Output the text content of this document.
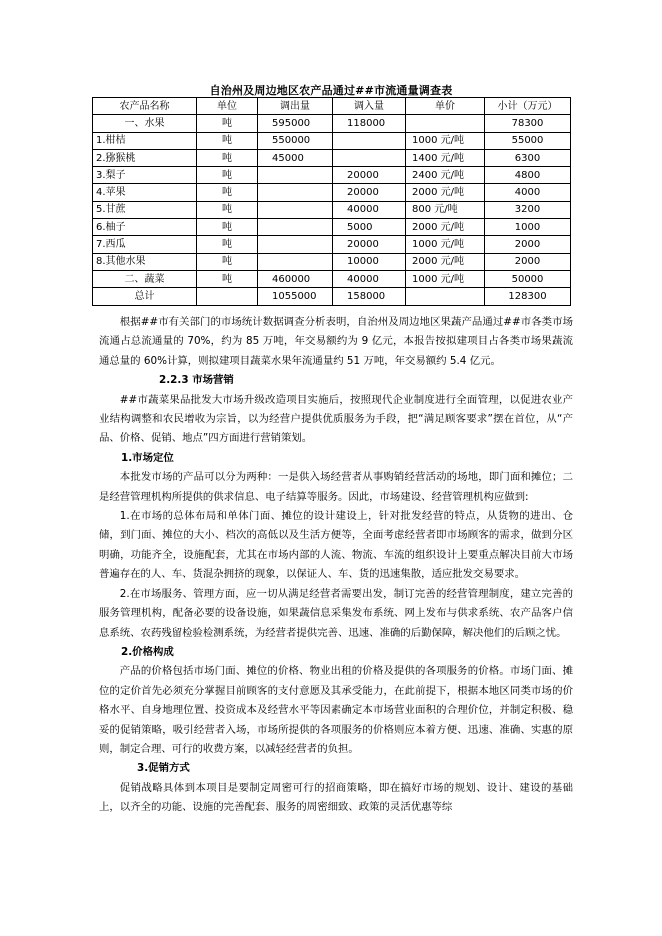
自治州及周边地区农产品通过##市流通量调查表
农产品名称	单位	调出量	调入量	单价	小计（万元）
一、水果	吨	595000	118000		78300
1.柑桔	吨	550000		1000 元/吨	55000
2.猕猴桃	吨	45000		1400 元/吨	6300
3.梨子	吨		20000	2400 元/吨	4800
4.苹果	吨		20000	2000 元/吨	4000
5.甘蔗	吨		40000	800 元/吨	3200
6.柚子	吨		5000	2000 元/吨	1000
7.西瓜	吨		20000	1000 元/吨	2000
8.其他水果	吨		10000	2000 元/吨	2000
二、蔬菜	吨	460000	40000	1000 元/吨	50000
总计		1055000	158000		128300

根据##市有关部门的市场统计数据调查分析表明，自治州及周边地区果蔬产品通过##市各类市场流通占总流通量的 70%，约为 85 万吨，年交易额约为 9 亿元，本报告按拟建项目占各类市场果蔬流通总量的 60%计算，则拟建项目蔬菜水果年流通量约 51 万吨，年交易额约 5.4 亿元。

2.2.3 市场营销

##市蔬菜果品批发大市场升级改造项目实施后，按照现代企业制度进行全面管理，以促进农业产业结构调整和农民增收为宗旨，以为经营户提供优质服务为手段，把“满足顾客要求”摆在首位，从“产品、价格、促销、地点”四方面进行营销策划。

1.市场定位

本批发市场的产品可以分为两种：一是供入场经营者从事购销经营活动的场地，即门面和摊位；二是经营管理机构所提供的供求信息、电子结算等服务。因此，市场建设、经营管理机构应做到:

1.在市场的总体布局和单体门面、摊位的设计建设上，针对批发经营的特点，从货物的进出、仓储，到门面、摊位的大小、档次的高低以及生活方便等，全面考虑经营者即市场顾客的需求，做到分区明确，功能齐全，设施配套，尤其在市场内部的人流、物流、车流的组织设计上要重点解决目前大市场普遍存在的人、车、货混杂拥挤的现象，以保证人、车、货的迅速集散，适应批发交易要求。

2.在市场服务、管理方面，应一切从满足经营者需要出发，制订完善的经营管理制度，建立完善的服务管理机构，配备必要的设备设施，如果蔬信息采集发布系统、网上发布与供求系统、农产品客户信息系统、农药残留检验检测系统，为经营者提供完善、迅速、准确的后勤保障，解决他们的后顾之忧。

2.价格构成

产品的价格包括市场门面、摊位的价格、物业出租的价格及提供的各项服务的价格。市场门面、摊位的定价首先必须充分掌握目前顾客的支付意愿及其承受能力，在此前提下，根据本地区同类市场的价格水平、自身地理位置、投资成本及经营水平等因素确定本市场营业面积的合理价位，并制定积极、稳妥的促销策略，吸引经营者入场，市场所提供的各项服务的价格则应本着方便、迅速、准确、实惠的原则，制定合理、可行的收费方案，以减轻经营者的负担。

3.促销方式

促销战略具体到本项目是要制定周密可行的招商策略，即在搞好市场的规划、设计、建设的基础上，以齐全的功能、设施的完善配套、服务的周密细致、政策的灵活优惠等综
